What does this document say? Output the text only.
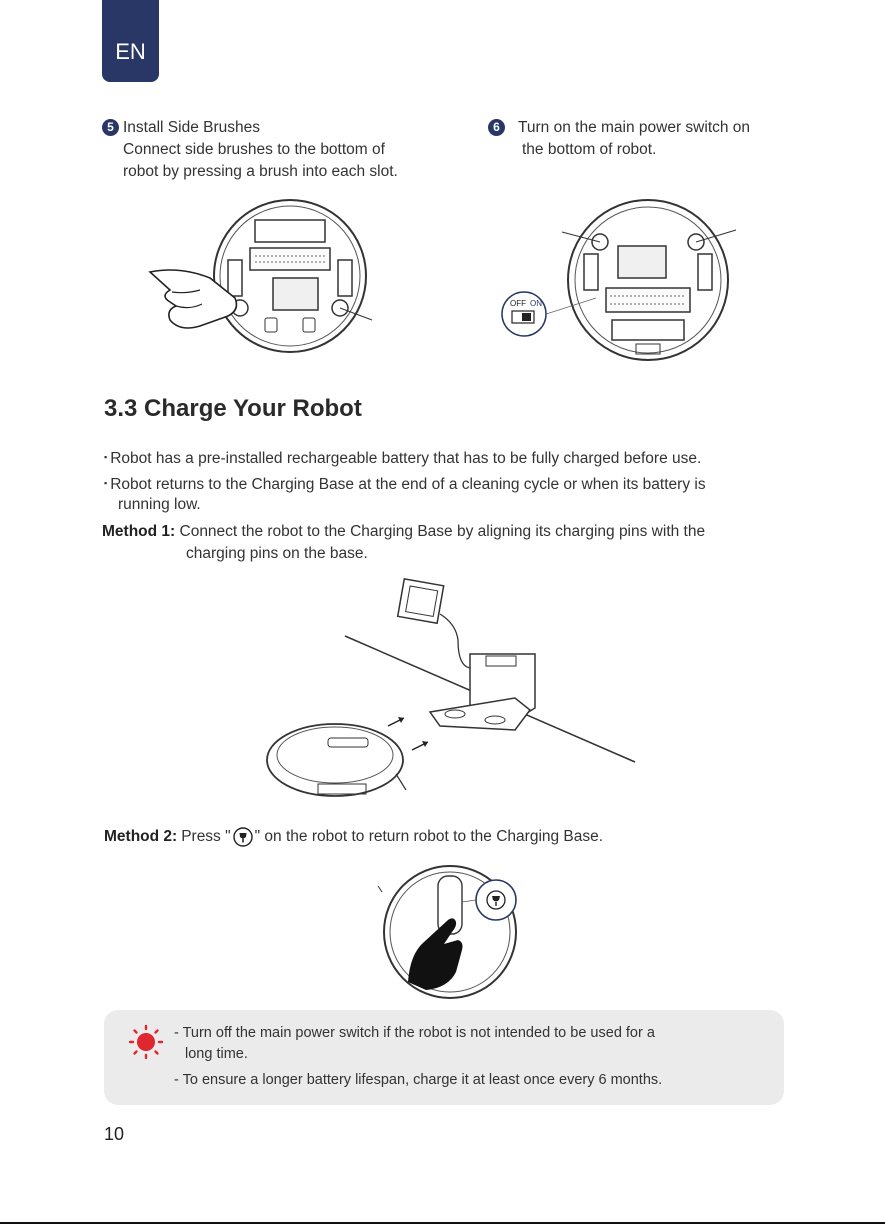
EN
5 Install Side Brushes
Connect side brushes to the bottom of
robot by pressing a brush into each slot.
6 Turn on the main power switch on
the bottom of robot.
OFF ON
3.3 Charge Your Robot
▪ Robot has a pre-installed rechargeable battery that has to be fully charged before use.
▪ Robot returns to the Charging Base at the end of a cleaning cycle or when its battery is
running low.
Method 1: Connect the robot to the Charging Base by aligning its charging pins with the
charging pins on the base.
Method 2: Press " " on the robot to return robot to the Charging Base.
- Turn off the main power switch if the robot is not intended to be used for a
long time.
- To ensure a longer battery lifespan, charge it at least once every 6 months.
10
